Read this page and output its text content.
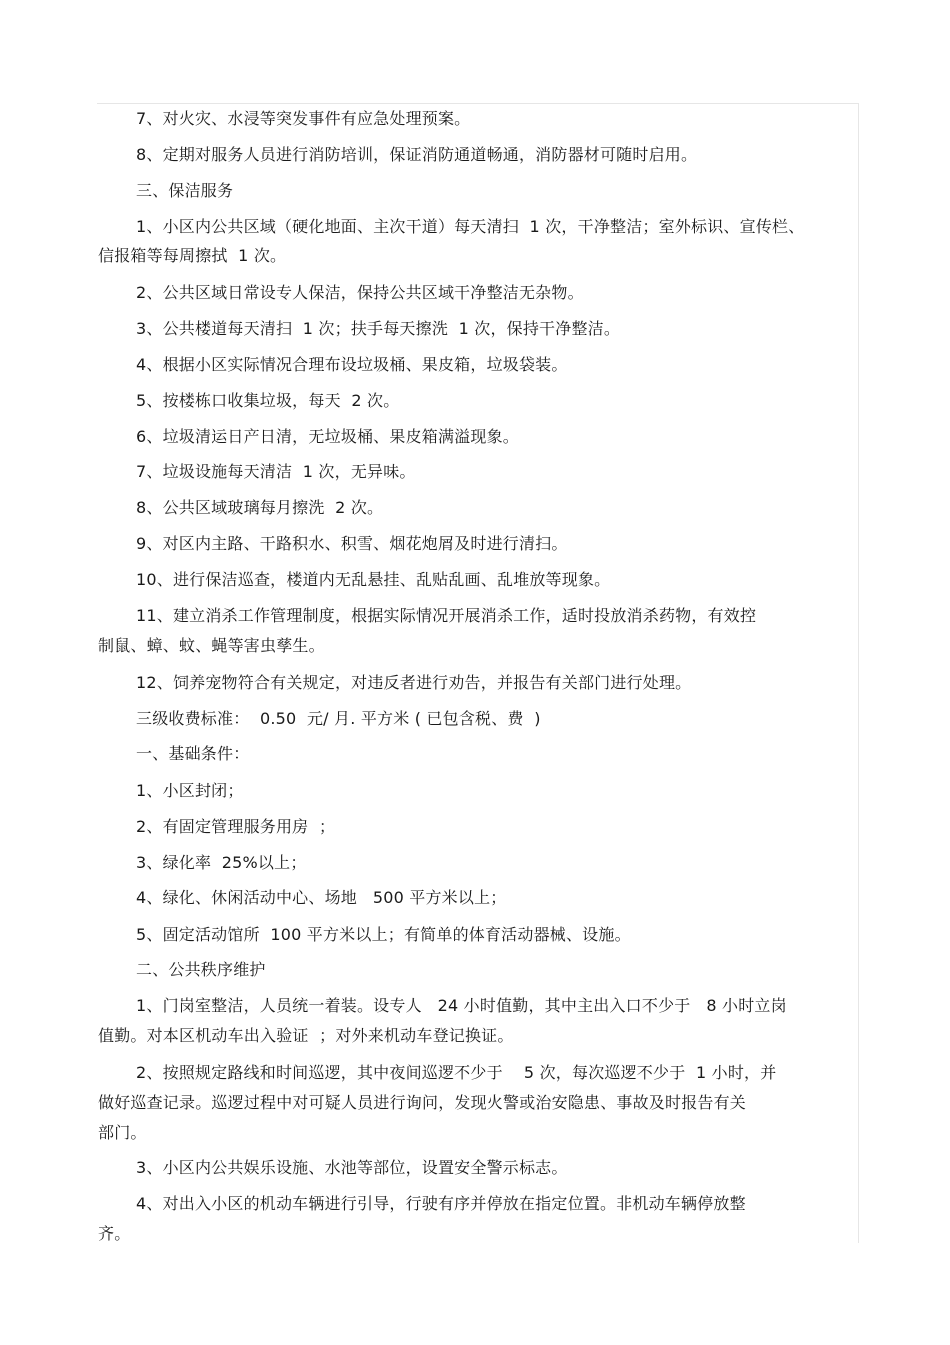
7、对火灾、水浸等突发事件有应急处理预案。
8、定期对服务人员进行消防培训，保证消防通道畅通，消防器材可随时启用。
三、保洁服务
1、小区内公共区域（硬化地面、主次干道）每天清扫  1 次，干净整洁；室外标识、宣传栏、
信报箱等每周擦拭  1 次。
2、公共区域日常设专人保洁，保持公共区域干净整洁无杂物。
3、公共楼道每天清扫  1 次；扶手每天擦洗  1 次，保持干净整洁。
4、根据小区实际情况合理布设垃圾桶、果皮箱，垃圾袋装。
5、按楼栋口收集垃圾，每天  2 次。
6、垃圾清运日产日清，无垃圾桶、果皮箱满溢现象。
7、垃圾设施每天清洁  1 次，无异味。
8、公共区域玻璃每月擦洗  2 次。
9、对区内主路、干路积水、积雪、烟花炮屑及时进行清扫。
10、进行保洁巡查，楼道内无乱悬挂、乱贴乱画、乱堆放等现象。
11、建立消杀工作管理制度，根据实际情况开展消杀工作，适时投放消杀药物，有效控
制鼠、蟑、蚊、蝇等害虫孳生。
12、饲养宠物符合有关规定，对违反者进行劝告，并报告有关部门进行处理。
三级收费标准：  0.50  元/ 月. 平方米 ( 已包含税、费  )
一、基础条件：
1、小区封闭；
2、有固定管理服务用房  ；
3、绿化率  25%以上；
4、绿化、休闲活动中心、场地   500 平方米以上；
5、固定活动馆所  100 平方米以上；有简单的体育活动器械、设施。
二、公共秩序维护
1、门岗室整洁，人员统一着装。设专人   24 小时值勤，其中主出入口不少于   8 小时立岗
值勤。对本区机动车出入验证  ；对外来机动车登记换证。
2、按照规定路线和时间巡逻，其中夜间巡逻不少于    5 次，每次巡逻不少于  1 小时，并
做好巡查记录。巡逻过程中对可疑人员进行询问，发现火警或治安隐患、事故及时报告有关
部门。
3、小区内公共娱乐设施、水池等部位，设置安全警示标志。
4、对出入小区的机动车辆进行引导，行驶有序并停放在指定位置。非机动车辆停放整
齐。
